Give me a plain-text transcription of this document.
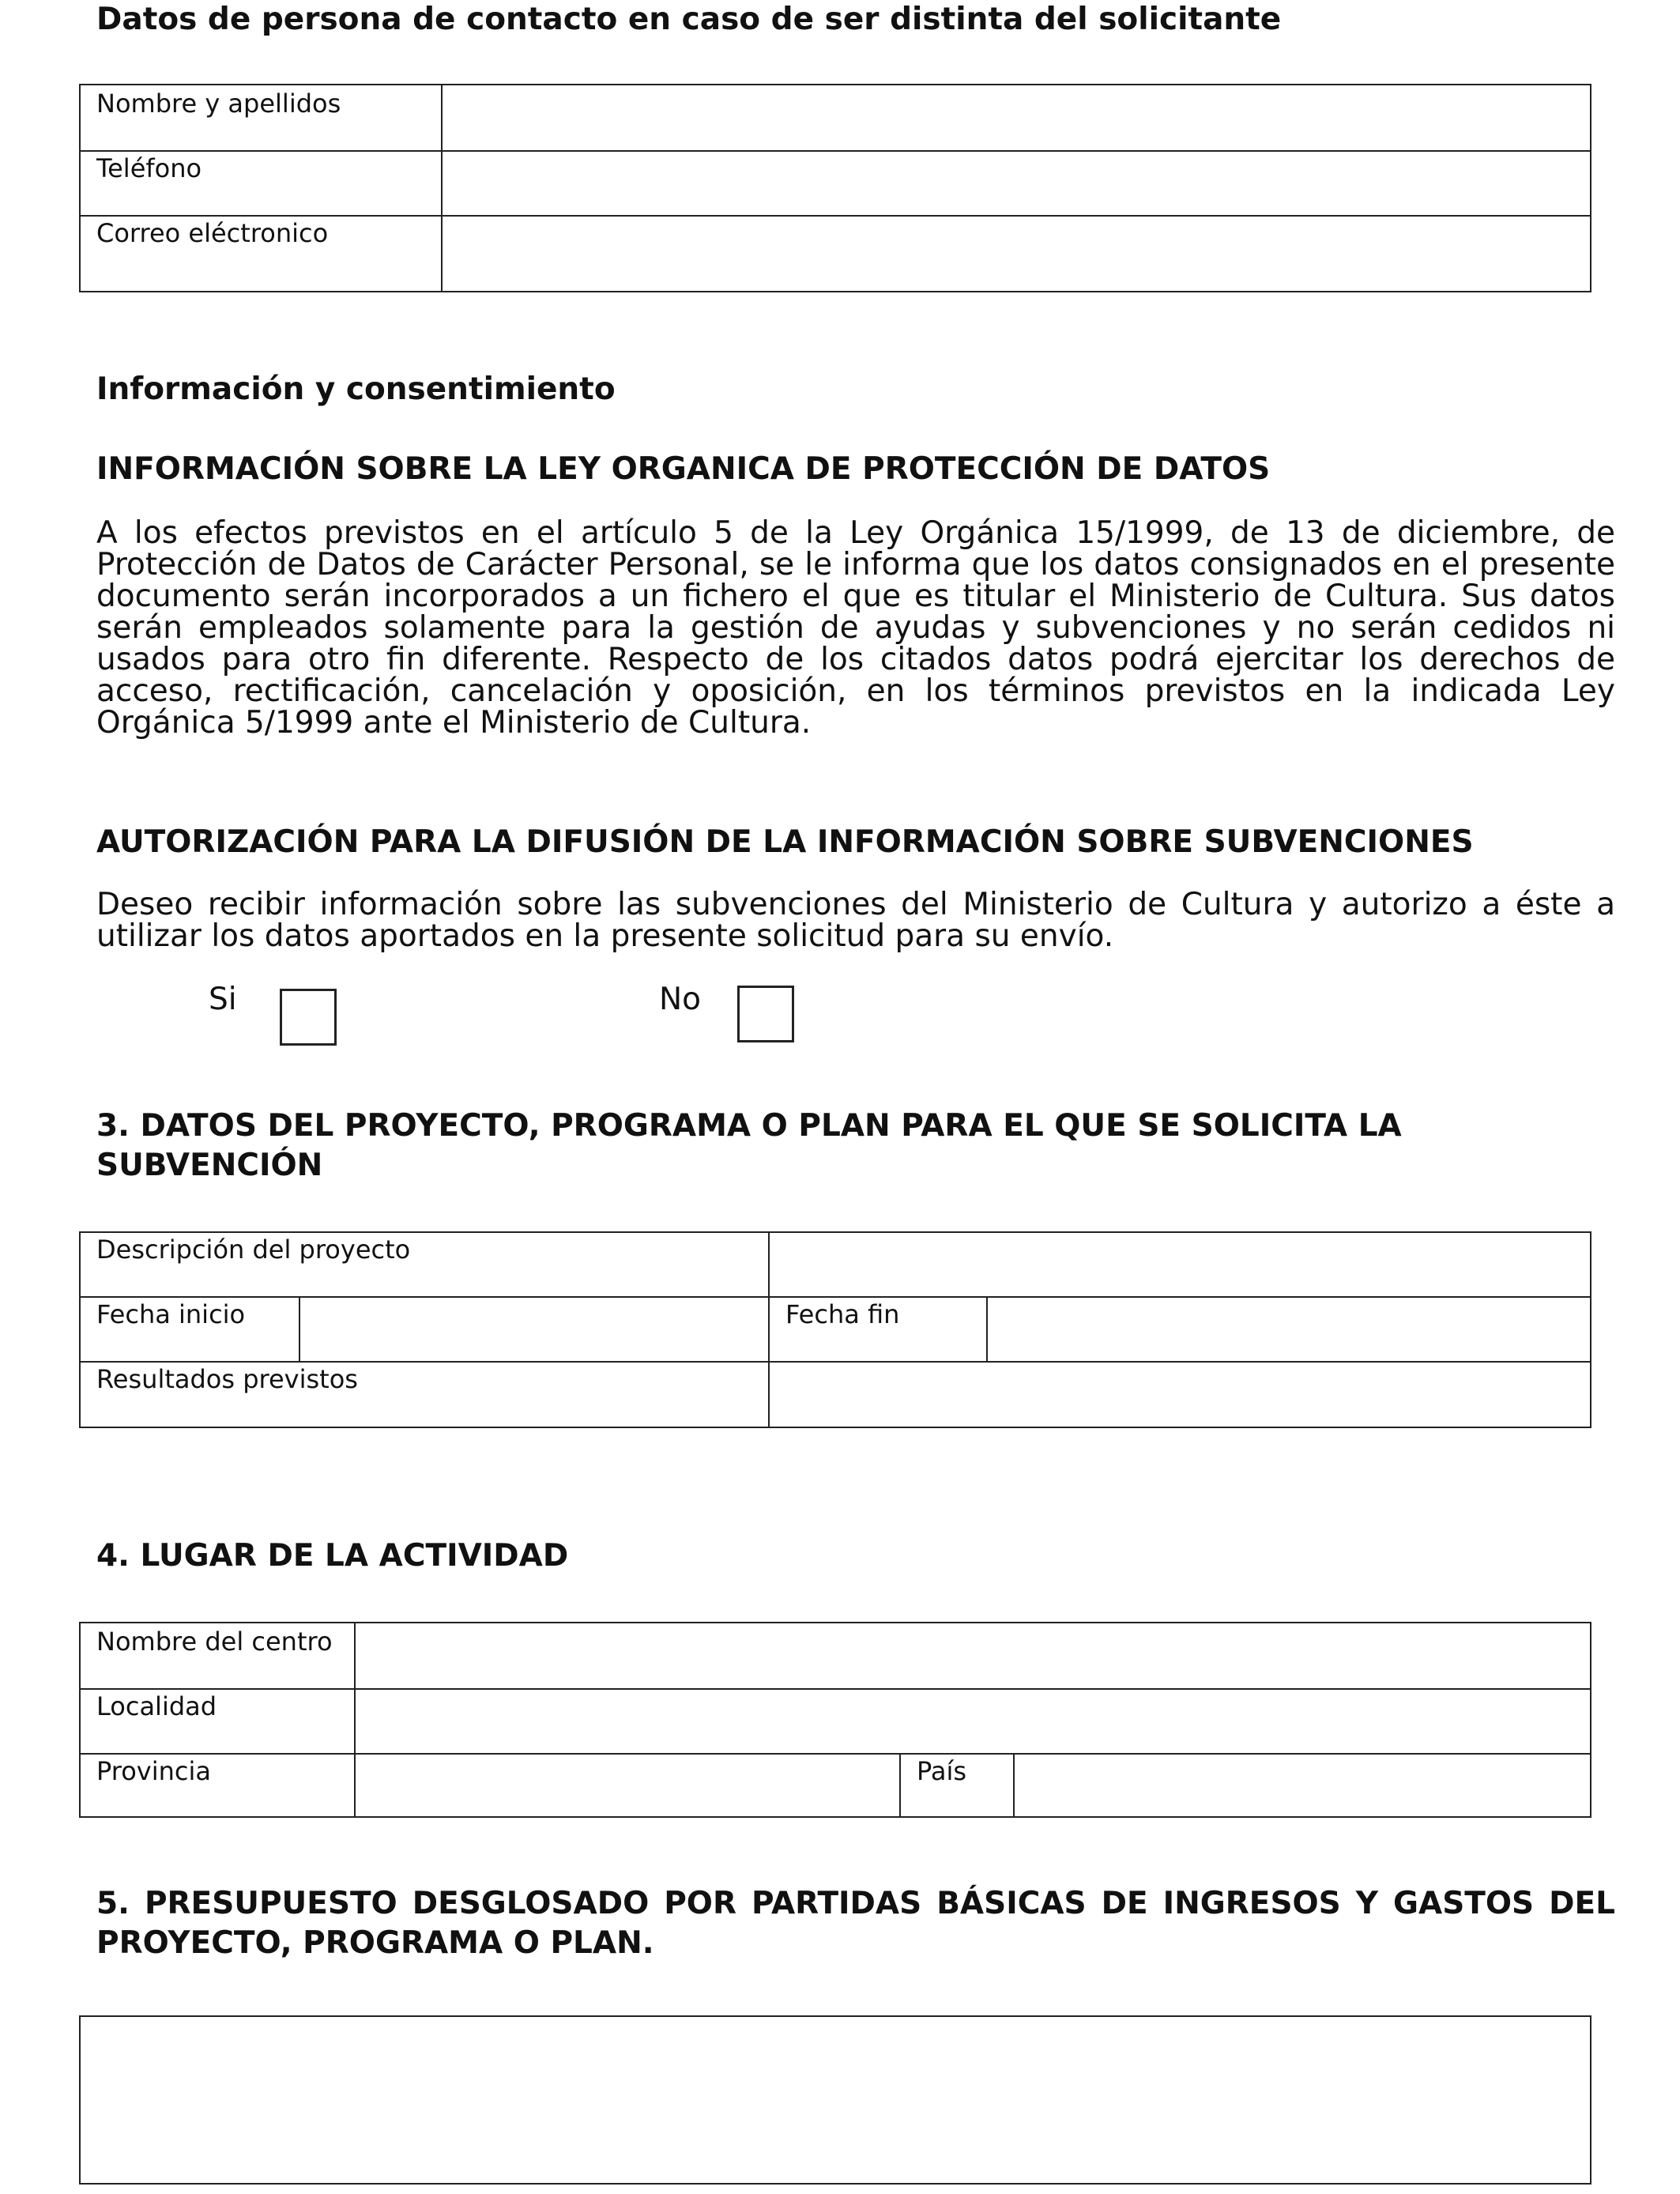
Datos de persona de contacto en caso de ser distinta del solicitante
Nombre y apellidos
Teléfono
Correo eléctronico
Información y consentimiento
INFORMACIÓN SOBRE LA LEY ORGANICA DE PROTECCIÓN DE DATOS

A los efectos previstos en el artículo 5 de la Ley Orgánica 15/1999, de 13 de diciembre, de Protección de Datos de Carácter Personal, se le informa que los datos consignados en el presente documento serán incorporados a un fichero el que es titular el Ministerio de Cultura. Sus datos serán empleados solamente para la gestión de ayudas y subvenciones y no serán cedidos ni usados para otro fin diferente. Respecto de los citados datos podrá ejercitar los derechos de acceso, rectificación, cancelación y oposición, en los términos previstos en la indicada Ley Orgánica 5/1999 ante el Ministerio de Cultura.

AUTORIZACIÓN PARA LA DIFUSIÓN DE LA INFORMACIÓN SOBRE SUBVENCIONES

Deseo recibir información sobre las subvenciones del Ministerio de Cultura y autorizo a éste a utilizar los datos aportados en la presente solicitud para su envío.

Si	No
3. DATOS DEL PROYECTO, PROGRAMA O PLAN PARA EL QUE SE SOLICITA LA SUBVENCIÓN
Descripción del proyecto
Fecha inicio	Fecha fin
Resultados previstos
4. LUGAR DE LA ACTIVIDAD
Nombre del centro
Localidad
Provincia	País
5. PRESUPUESTO DESGLOSADO POR PARTIDAS BÁSICAS DE INGRESOS Y GASTOS DEL PROYECTO, PROGRAMA O PLAN.
